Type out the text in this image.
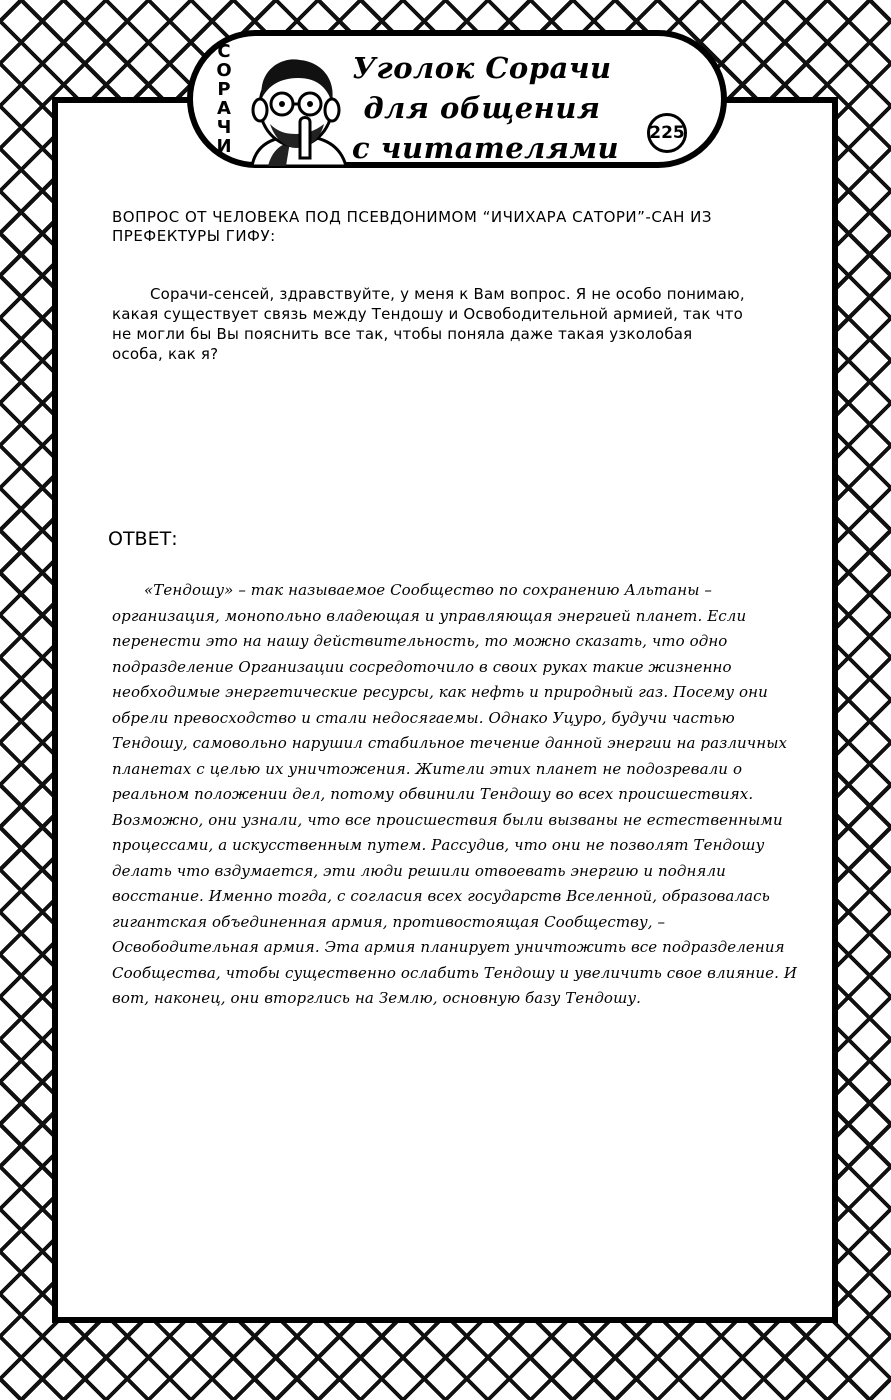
С
О
Р
А
Ч
И
Уголок Сорачи
для общения
с читателями 225
ВОПРОС ОТ ЧЕЛОВЕКА ПОД ПСЕВДОНИМОМ “ИЧИХАРА САТОРИ”-САН ИЗ ПРЕФЕКТУРЫ ГИФУ:
Сорачи-сенсей, здравствуйте, у меня к Вам вопрос. Я не особо понимаю, какая существует связь между Тендошу и Освободительной армией, так что не могли бы Вы пояснить все так, чтобы поняла даже такая узколобая особа, как я?
ОТВЕТ:
«Тендошу» – так называемое Сообщество по сохранению Альтаны – организация, монопольно владеющая и управляющая энергией планет. Если перенести это на нашу действительность, то можно сказать, что одно подразделение Организации сосредоточило в своих руках такие жизненно необходимые энергетические ресурсы, как нефть и природный газ. Посему они обрели превосходство и стали недосягаемы. Однако Уцуро, будучи частью Тендошу, самовольно нарушил стабильное течение данной энергии на различных планетах с целью их уничтожения. Жители этих планет не подозревали о реальном положении дел, потому обвинили Тендошу во всех происшествиях. Возможно, они узнали, что все происшествия были вызваны не естественными процессами, а искусственным путем. Рассудив, что они не позволят Тендошу делать что вздумается, эти люди решили отвоевать энергию и подняли восстание. Именно тогда, с согласия всех государств Вселенной, образовалась гигантская объединенная армия, противостоящая Сообществу, – Освободительная армия. Эта армия планирует уничтожить все подразделения Сообщества, чтобы существенно ослабить Тендошу и увеличить свое влияние. И вот, наконец, они вторглись на Землю, основную базу Тендошу.
